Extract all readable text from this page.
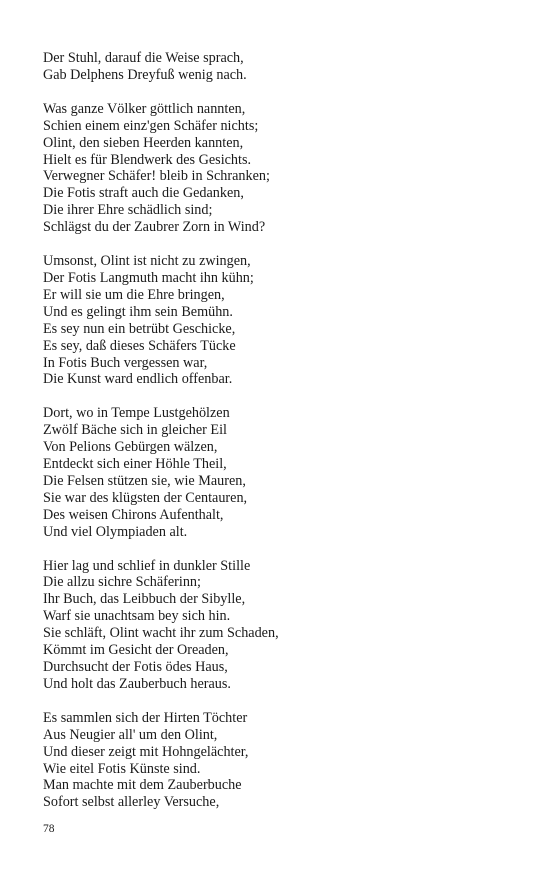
Der Stuhl, darauf die Weise sprach,
Gab Delphens Dreyfuß wenig nach.
Was ganze Völker göttlich nannten,
Schien einem einz'gen Schäfer nichts;
Olint, den sieben Heerden kannten,
Hielt es für Blendwerk des Gesichts.
Verwegner Schäfer! bleib in Schranken;
Die Fotis straft auch die Gedanken,
Die ihrer Ehre schädlich sind;
Schlägst du der Zaubrer Zorn in Wind?
Umsonst, Olint ist nicht zu zwingen,
Der Fotis Langmuth macht ihn kühn;
Er will sie um die Ehre bringen,
Und es gelingt ihm sein Bemühn.
Es sey nun ein betrübt Geschicke,
Es sey, daß dieses Schäfers Tücke
In Fotis Buch vergessen war,
Die Kunst ward endlich offenbar.
Dort, wo in Tempe Lustgehölzen
Zwölf Bäche sich in gleicher Eil
Von Pelions Gebürgen wälzen,
Entdeckt sich einer Höhle Theil,
Die Felsen stützen sie, wie Mauren,
Sie war des klügsten der Centauren,
Des weisen Chirons Aufenthalt,
Und viel Olympiaden alt.
Hier lag und schlief in dunkler Stille
Die allzu sichre Schäferinn;
Ihr Buch, das Leibbuch der Sibylle,
Warf sie unachtsam bey sich hin.
Sie schläft, Olint wacht ihr zum Schaden,
Kömmt im Gesicht der Oreaden,
Durchsucht der Fotis ödes Haus,
Und holt das Zauberbuch heraus.
Es sammlen sich der Hirten Töchter
Aus Neugier all' um den Olint,
Und dieser zeigt mit Hohngelächter,
Wie eitel Fotis Künste sind.
Man machte mit dem Zauberbuche
Sofort selbst allerley Versuche,
78
